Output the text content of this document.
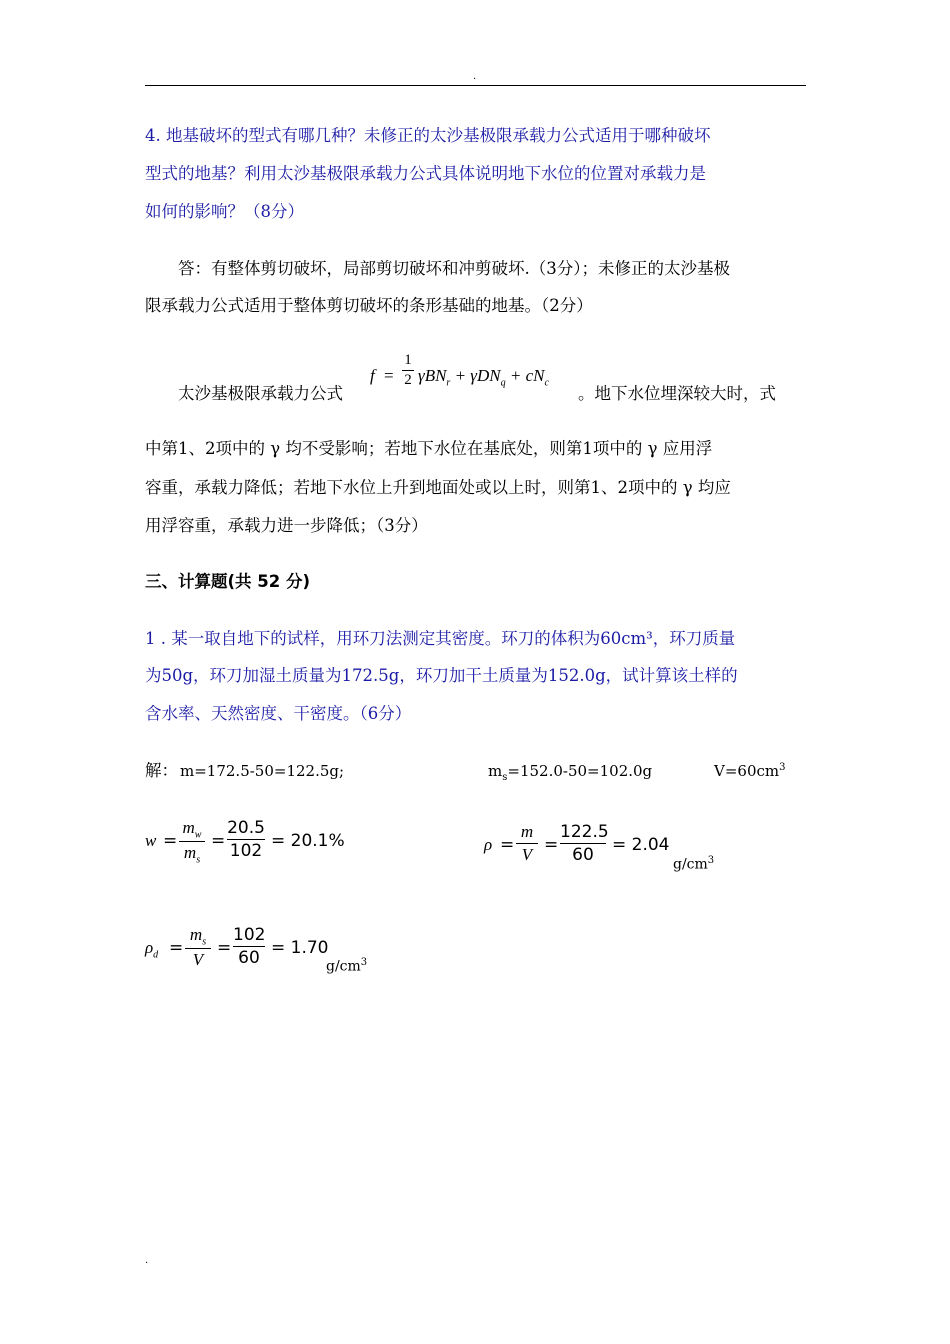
.
4. 地基破坏的型式有哪几种？未修正的太沙基极限承载力公式适用于哪种破坏
型式的地基？利用太沙基极限承载力公式具体说明地下水位的位置对承载力是
如何的影响？（8分）
答：有整体剪切破坏，局部剪切破坏和冲剪破坏.（3分）；未修正的太沙基极
限承载力公式适用于整体剪切破坏的条形基础的地基。（2分）
太沙基极限承载力公式
f =
1
2 $\gamma BN_r + \gamma DN_q + cN_c$
。地下水位埋深较大时，式
中第1、2项中的 γ 均不受影响；若地下水位在基底处，则第1项中的 γ 应用浮
容重，承载力降低；若地下水位上升到地面处或以上时，则第1、2项中的 γ 均应
用浮容重，承载力进一步降低；（3分）
三、计算题(共 52 分)
1 . 某一取自地下的试样，用环刀法测定其密度。环刀的体积为60cm³，环刀质量
为50g，环刀加湿土质量为172.5g，环刀加干土质量为152.0g，试计算该土样的
含水率、天然密度、干密度。（6分）
解： m=172.5-50=122.5g;	$m_s=152.0-50=102.0g$	$V=60cm^3$
w =
$m_w$
$m_s$
=
20.5
102 = 20.1%	ρ =
m
V =
122.5
60	= 2.04
$g/cm^3$
$\rho_d$ =
$m_s$
V
=
102
60 = 1.70
$g/cm^3$
.
